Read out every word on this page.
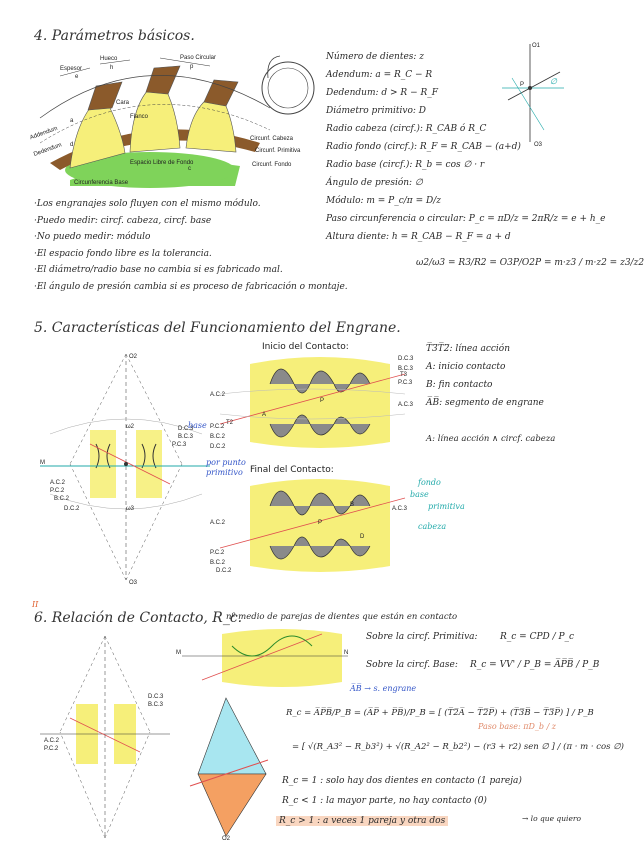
4. Parámetros básicos.
Espesor
e
Hueco
h
Paso Circular
p
Cara
Flanco
Addendum
a
Dedendum d
Espacio Libre de Fondo
c
Circunferencia Base
Circunf. Cabeza
Circunf. Primitiva
Circunf. Fondo
Número de dientes: z
Adendum: a = R_C − R
Dedendum: d > R − R_F
Diámetro primitivo: D
Radio cabeza (circf.): R_CAB ó R_C
Radio fondo (circf.): R_F = R_CAB − (a+d)
Radio base (circf.): R_b = cos ∅ · r
Ángulo de presión: ∅
Módulo: m = P_c/π = D/z
Paso circunferencia o circular: P_c = πD/z = 2πR/z = e + h_e
Altura diente: h = R_CAB − R_F = a + d
ω2/ω3 = R3/R2 = O3P/O2P = m·z3 / m·z2 = z3/z2
O1
O3
P	∅
·Los engranajes solo fluyen con el mismo módulo.
·Puedo medir: circf. cabeza, circf. base
·No puedo medir: módulo
·El espacio fondo libre es la tolerancia.
·El diámetro/radio base no cambia si es fabricado mal.
·El ángulo de presión cambia si es proceso de fabricación o montaje.
5. Características del Funcionamiento del Engrane.
O2
O3
M
D.C.3
B.C.3
P.C.3
A.C.2
P.C.2
B.C.2
D.C.2
ω2
ω3
base
por punto primitivo
Inicio del Contacto:
D.C.3
B.C.3
P.C.3
A.C.3
A.C.2
P.C.2
B.C.2
D.C.2
P
A
T3
T2
Final del Contacto:
A.C.3
A.C.2
P.C.2
B.C.2
D.C.2
B
P
D
fondo
base
primitiva
cabeza
T̅3̅T̅2̅: línea acción
A: inicio contacto
B: fin contacto
A̅B̅: segmento de engrane
A: línea acción ∧ circf. cabeza
II
6. Relación de Contacto, R_c.
nº medio de parejas de dientes que están en contacto
D.C.3
B.C.3
A.C.2
P.C.2
M	N
O2
Sobre la circf. Primitiva: R_c = CPD / P_c
Sobre la circf. Base: R_c = VV' / P_B = A̅P̅B̅ / P_B
A̅B̅ → s. engrane
R_c = A̅P̅B̅/P_B = (A̅P̅ + P̅B̅)/P_B = [ (T̅2̅A̅ − T̅2̅P̅) + (T̅3̅B̅ − T̅3̅P̅) ] / P_B
Paso base: πD_b / z
= [ √(R_A3² − R_b3²) + √(R_A2² − R_b2²) − (r3 + r2) sen ∅ ] / (π · m · cos ∅)
R_c = 1 : solo hay dos dientes en contacto (1 pareja)
R_c < 1 : la mayor parte, no hay contacto (0)
R_c > 1 : a veces 1 pareja y otra dos	→ lo que quiero
